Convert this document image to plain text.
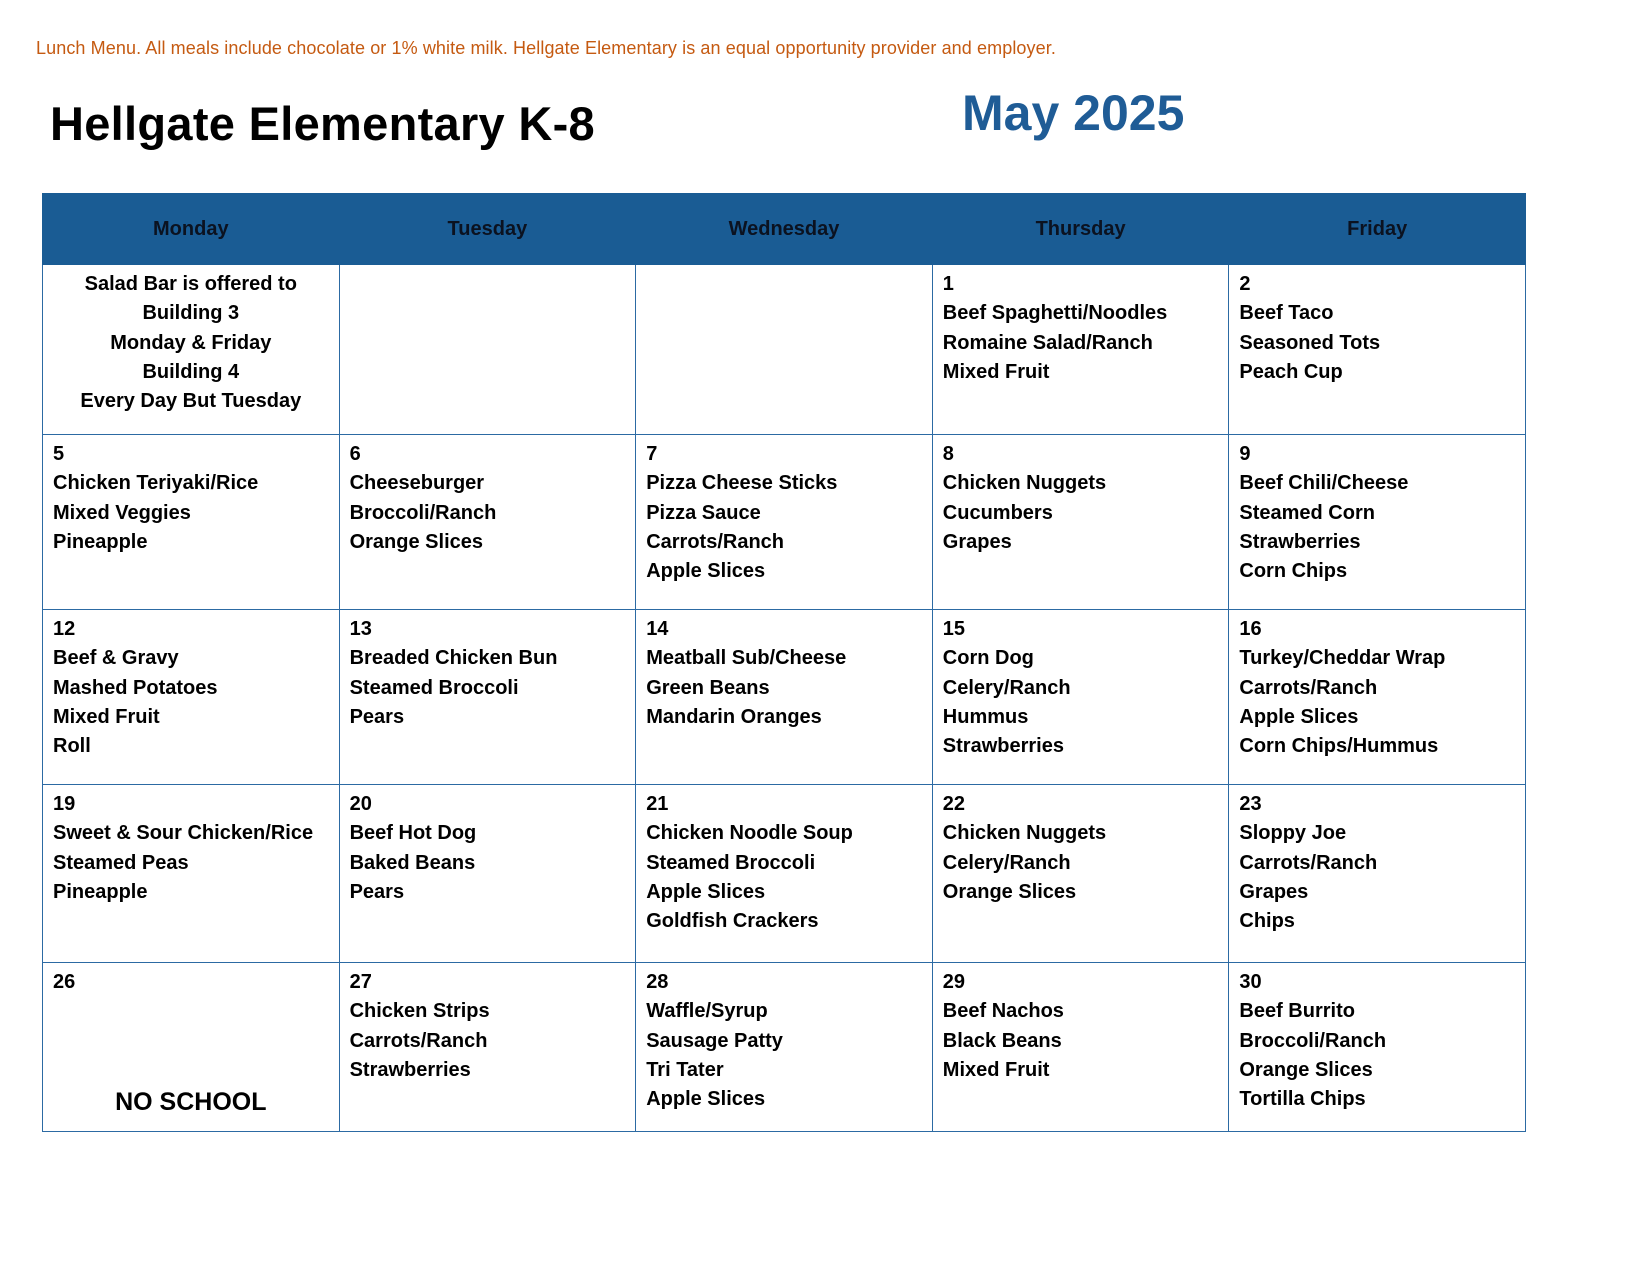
Lunch Menu. All meals include chocolate or 1% white milk. Hellgate Elementary is an equal opportunity provider and employer.
Hellgate Elementary K-8	May 2025
Monday	Tuesday	Wednesday	Thursday	Friday

Salad Bar is offered to
Building 3
Monday & Friday
Building 4
Every Day But Tuesday			1
Beef Spaghetti/Noodles
Romaine Salad/Ranch
Mixed Fruit	2
Beef Taco
Seasoned Tots
Peach Cup

5
Chicken Teriyaki/Rice
Mixed Veggies
Pineapple	6
Cheeseburger
Broccoli/Ranch
Orange Slices	7
Pizza Cheese Sticks
Pizza Sauce
Carrots/Ranch
Apple Slices	8
Chicken Nuggets
Cucumbers
Grapes	9
Beef Chili/Cheese
Steamed Corn
Strawberries
Corn Chips

12
Beef & Gravy
Mashed Potatoes
Mixed Fruit
Roll	13
Breaded Chicken Bun
Steamed Broccoli
Pears	14
Meatball Sub/Cheese
Green Beans
Mandarin Oranges	15
Corn Dog
Celery/Ranch
Hummus
Strawberries	16
Turkey/Cheddar Wrap
Carrots/Ranch
Apple Slices
Corn Chips/Hummus

19
Sweet & Sour Chicken/Rice
Steamed Peas
Pineapple	20
Beef Hot Dog
Baked Beans
Pears	21
Chicken Noodle Soup
Steamed Broccoli
Apple Slices
Goldfish Crackers	22
Chicken Nuggets
Celery/Ranch
Orange Slices	23
Sloppy Joe
Carrots/Ranch
Grapes
Chips

26
NO SCHOOL	27
Chicken Strips
Carrots/Ranch
Strawberries	28
Waffle/Syrup
Sausage Patty
Tri Tater
Apple Slices	29
Beef Nachos
Black Beans
Mixed Fruit	30
Beef Burrito
Broccoli/Ranch
Orange Slices
Tortilla Chips
